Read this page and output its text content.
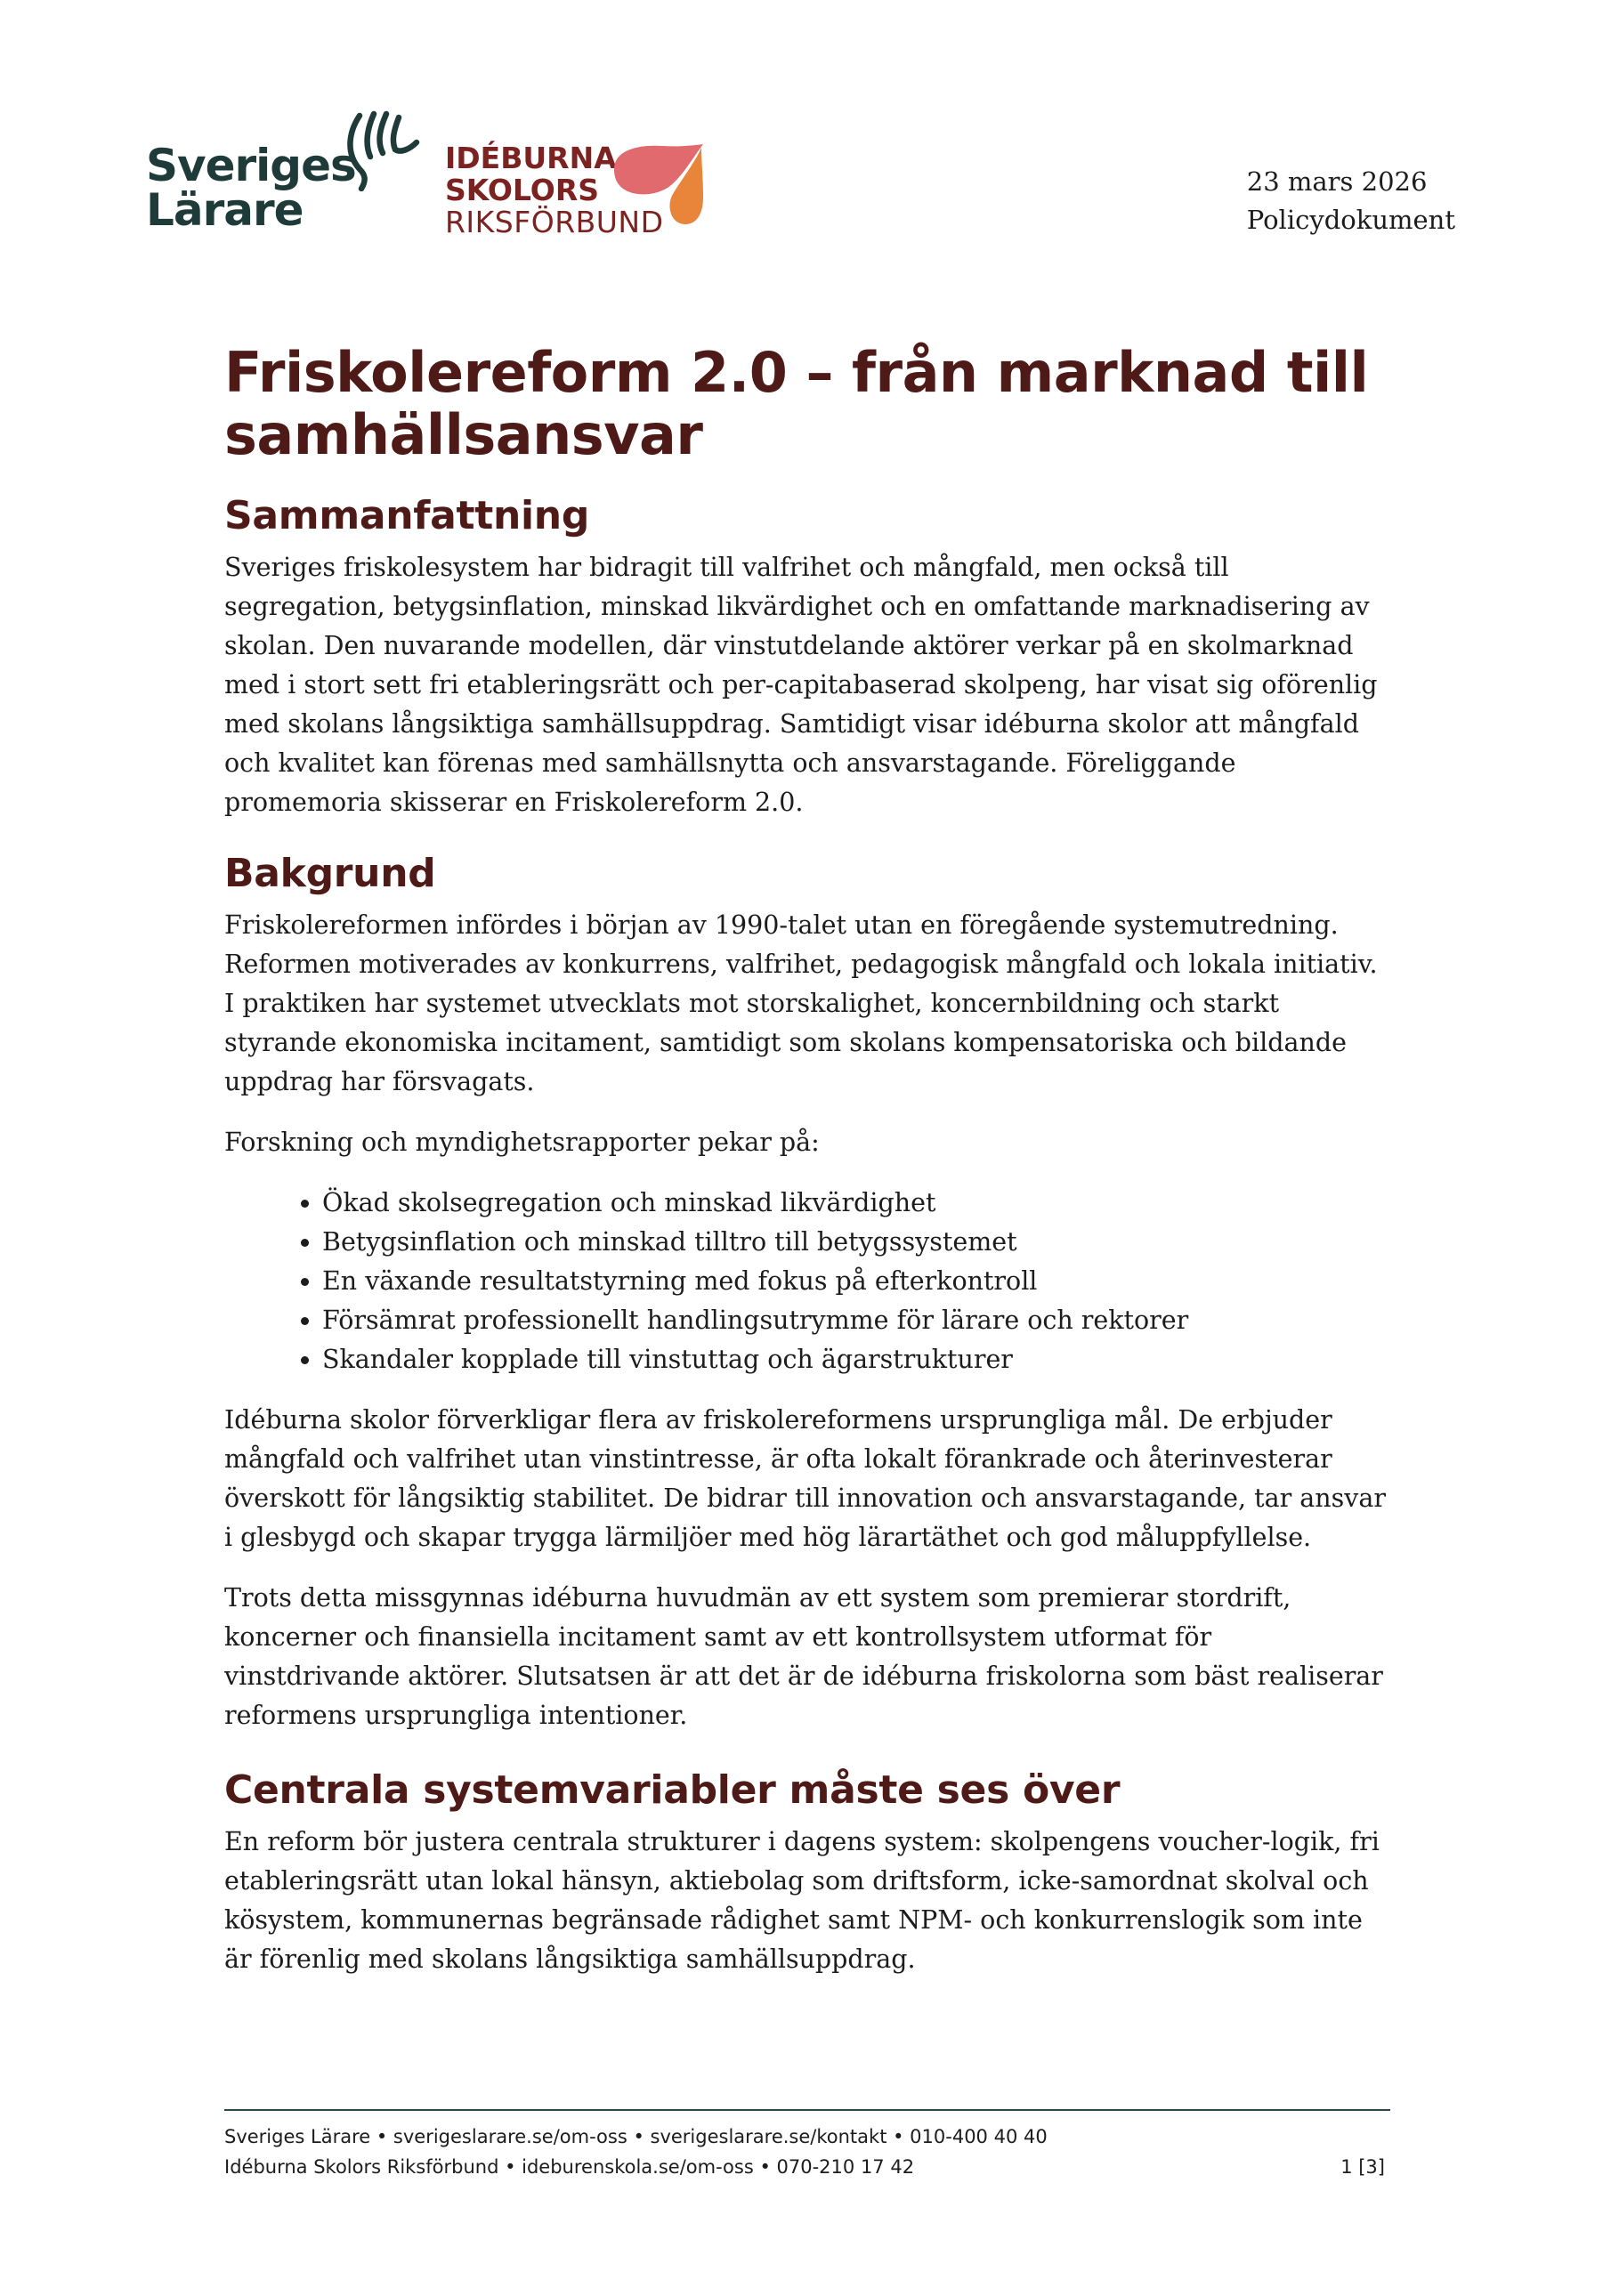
Sveriges
Lärare
IDÉBURNA
SKOLORS
RIKSFÖRBUND
23 mars 2026
Policydokument
Friskolereform 2.0 – från marknad till samhällsansvar
Sammanfattning

Sveriges friskolesystem har bidragit till valfrihet och mångfald, men också till segregation, betygsinflation, minskad likvärdighet och en omfattande marknadisering av skolan. Den nuvarande modellen, där vinstutdelande aktörer verkar på en skolmarknad med i stort sett fri etableringsrätt och per-capitabaserad skolpeng, har visat sig oförenlig med skolans långsiktiga samhällsuppdrag. Samtidigt visar idéburna skolor att mångfald och kvalitet kan förenas med samhällsnytta och ansvarstagande. Föreliggande promemoria skisserar en Friskolereform 2.0.

Bakgrund

Friskolereformen infördes i början av 1990-talet utan en föregående systemutredning. Reformen motiverades av konkurrens, valfrihet, pedagogisk mångfald och lokala initiativ. I praktiken har systemet utvecklats mot storskalighet, koncernbildning och starkt styrande ekonomiska incitament, samtidigt som skolans kompensatoriska och bildande uppdrag har försvagats.

Forskning och myndighetsrapporter pekar på:

• Ökad skolsegregation och minskad likvärdighet
• Betygsinflation och minskad tilltro till betygssystemet
• En växande resultatstyrning med fokus på efterkontroll
• Försämrat professionellt handlingsutrymme för lärare och rektorer
• Skandaler kopplade till vinstuttag och ägarstrukturer

Idéburna skolor förverkligar flera av friskolereformens ursprungliga mål. De erbjuder mångfald och valfrihet utan vinstintresse, är ofta lokalt förankrade och återinvesterar överskott för långsiktig stabilitet. De bidrar till innovation och ansvarstagande, tar ansvar i glesbygd och skapar trygga lärmiljöer med hög lärartäthet och god måluppfyllelse.

Trots detta missgynnas idéburna huvudmän av ett system som premierar stordrift, koncerner och finansiella incitament samt av ett kontrollsystem utformat för vinstdrivande aktörer. Slutsatsen är att det är de idéburna friskolorna som bäst realiserar reformens ursprungliga intentioner.

Centrala systemvariabler måste ses över

En reform bör justera centrala strukturer i dagens system: skolpengens voucher-logik, fri etableringsrätt utan lokal hänsyn, aktiebolag som driftsform, icke-samordnat skolval och kösystem, kommunernas begränsade rådighet samt NPM- och konkurrenslogik som inte är förenlig med skolans långsiktiga samhällsuppdrag.

Sveriges Lärare • sverigeslarare.se/om-oss • sverigeslarare.se/kontakt • 010-400 40 40
Idéburna Skolors Riksförbund • ideburenskola.se/om-oss • 070-210 17 42	1 [3]
